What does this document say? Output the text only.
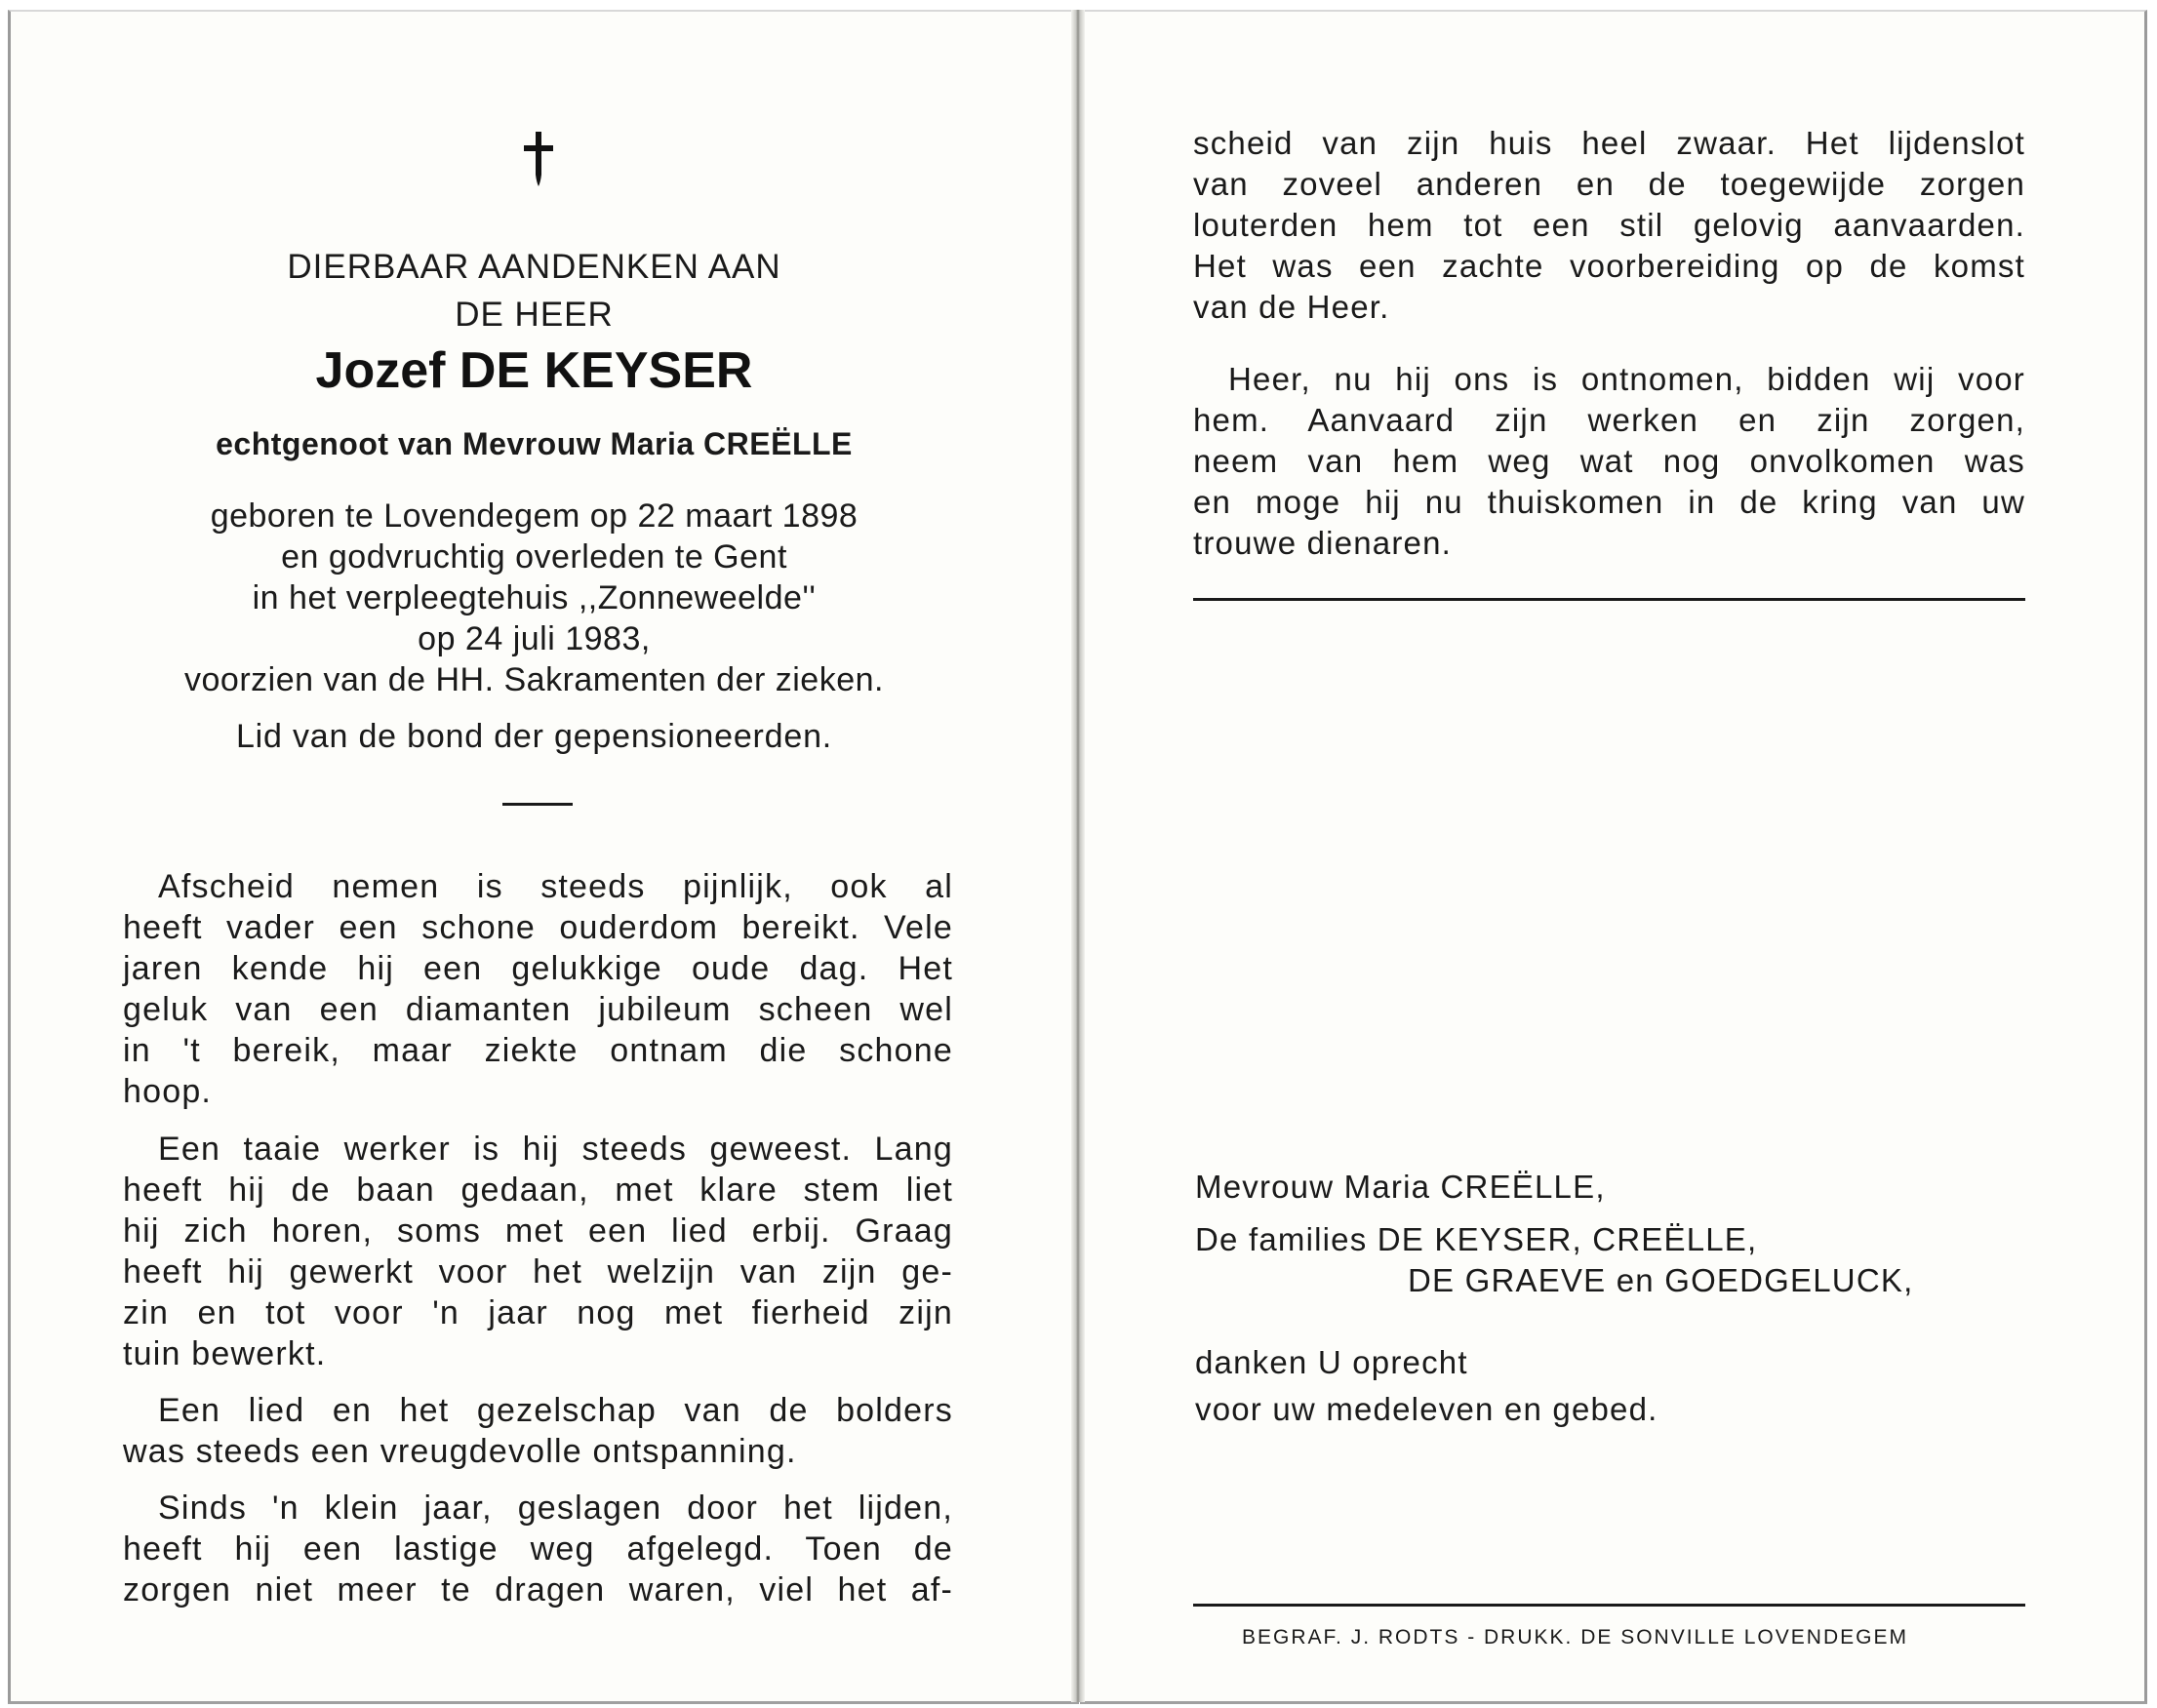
DIERBAAR AANDENKEN AAN
DE HEER
Jozef DE KEYSER
echtgenoot van Mevrouw Maria CREËLLE
geboren te Lovendegem op 22 maart 1898
en godvruchtig overleden te Gent
in het verpleegtehuis ,,Zonneweelde''
op 24 juli 1983,
voorzien van de HH. Sakramenten der zieken.
Lid van de bond der gepensioneerden.
Afscheid nemen is steeds pijnlijk, ook al
heeft vader een schone ouderdom bereikt. Vele
jaren kende hij een gelukkige oude dag. Het
geluk van een diamanten jubileum scheen wel
in 't bereik, maar ziekte ontnam die schone
hoop.
Een taaie werker is hij steeds geweest. Lang
heeft hij de baan gedaan, met klare stem liet
hij zich horen, soms met een lied erbij. Graag
heeft hij gewerkt voor het welzijn van zijn ge-
zin en tot voor 'n jaar nog met fierheid zijn
tuin bewerkt.
Een lied en het gezelschap van de bolders
was steeds een vreugdevolle ontspanning.
Sinds 'n klein jaar, geslagen door het lijden,
heeft hij een lastige weg afgelegd. Toen de
zorgen niet meer te dragen waren, viel het af-
scheid van zijn huis heel zwaar. Het lijdenslot
van zoveel anderen en de toegewijde zorgen
louterden hem tot een stil gelovig aanvaarden.
Het was een zachte voorbereiding op de komst
van de Heer.
Heer, nu hij ons is ontnomen, bidden wij voor
hem. Aanvaard zijn werken en zijn zorgen,
neem van hem weg wat nog onvolkomen was
en moge hij nu thuiskomen in de kring van uw
trouwe dienaren.
Mevrouw Maria CREËLLE,
De families DE KEYSER, CREËLLE,
DE GRAEVE en GOEDGELUCK,
danken U oprecht
voor uw medeleven en gebed.
BEGRAF. J. RODTS - DRUKK. DE SONVILLE LOVENDEGEM
